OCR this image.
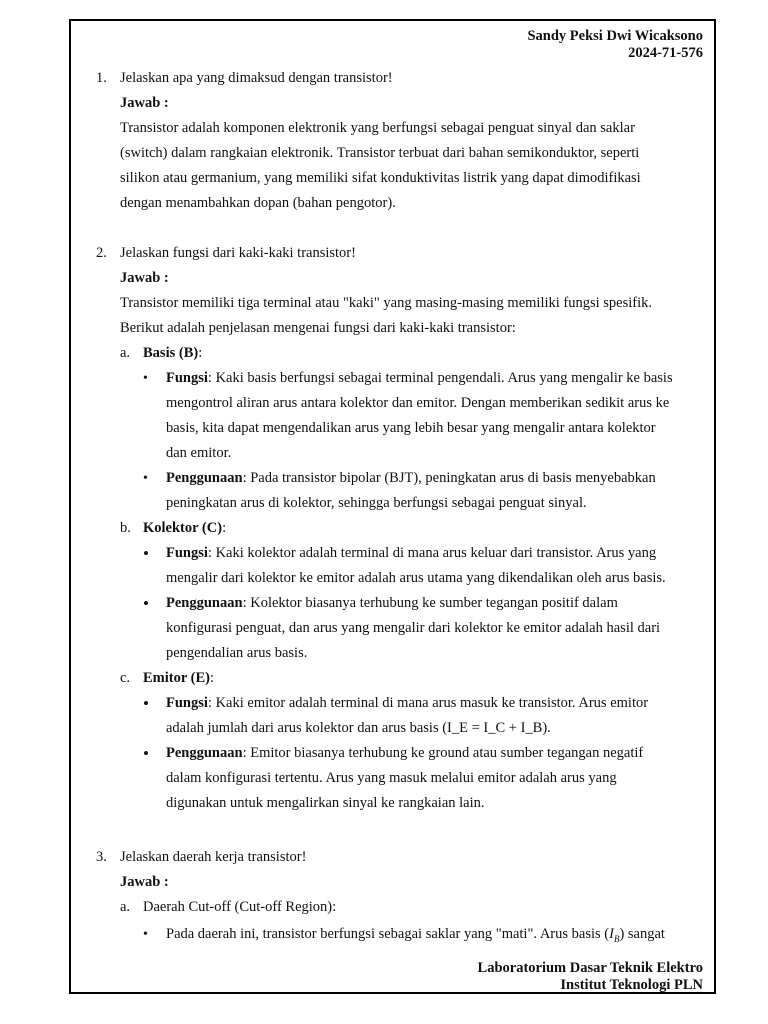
Sandy Peksi Dwi Wicaksono
2024-71-576
1. Jelaskan apa yang dimaksud dengan transistor!
Jawab :
Transistor adalah komponen elektronik yang berfungsi sebagai penguat sinyal dan saklar
(switch) dalam rangkaian elektronik. Transistor terbuat dari bahan semikonduktor, seperti
silikon atau germanium, yang memiliki sifat konduktivitas listrik yang dapat dimodifikasi
dengan menambahkan dopan (bahan pengotor).
2. Jelaskan fungsi dari kaki-kaki transistor!
Jawab :
Transistor memiliki tiga terminal atau "kaki" yang masing-masing memiliki fungsi spesifik.
Berikut adalah penjelasan mengenai fungsi dari kaki-kaki transistor:
a. Basis (B):
• Fungsi: Kaki basis berfungsi sebagai terminal pengendali. Arus yang mengalir ke basis
mengontrol aliran arus antara kolektor dan emitor. Dengan memberikan sedikit arus ke
basis, kita dapat mengendalikan arus yang lebih besar yang mengalir antara kolektor
dan emitor.
• Penggunaan: Pada transistor bipolar (BJT), peningkatan arus di basis menyebabkan
peningkatan arus di kolektor, sehingga berfungsi sebagai penguat sinyal.
b. Kolektor (C):
• Fungsi: Kaki kolektor adalah terminal di mana arus keluar dari transistor. Arus yang
mengalir dari kolektor ke emitor adalah arus utama yang dikendalikan oleh arus basis.
• Penggunaan: Kolektor biasanya terhubung ke sumber tegangan positif dalam
konfigurasi penguat, dan arus yang mengalir dari kolektor ke emitor adalah hasil dari
pengendalian arus basis.
c. Emitor (E):
• Fungsi: Kaki emitor adalah terminal di mana arus masuk ke transistor. Arus emitor
adalah jumlah dari arus kolektor dan arus basis (I_E = I_C + I_B).
• Penggunaan: Emitor biasanya terhubung ke ground atau sumber tegangan negatif
dalam konfigurasi tertentu. Arus yang masuk melalui emitor adalah arus yang
digunakan untuk mengalirkan sinyal ke rangkaian lain.
3. Jelaskan daerah kerja transistor!
Jawab :
a. Daerah Cut-off (Cut-off Region):
• Pada daerah ini, transistor berfungsi sebagai saklar yang "mati". Arus basis $(I_B)$ sangat
Laboratorium Dasar Teknik Elektro
Institut Teknologi PLN
